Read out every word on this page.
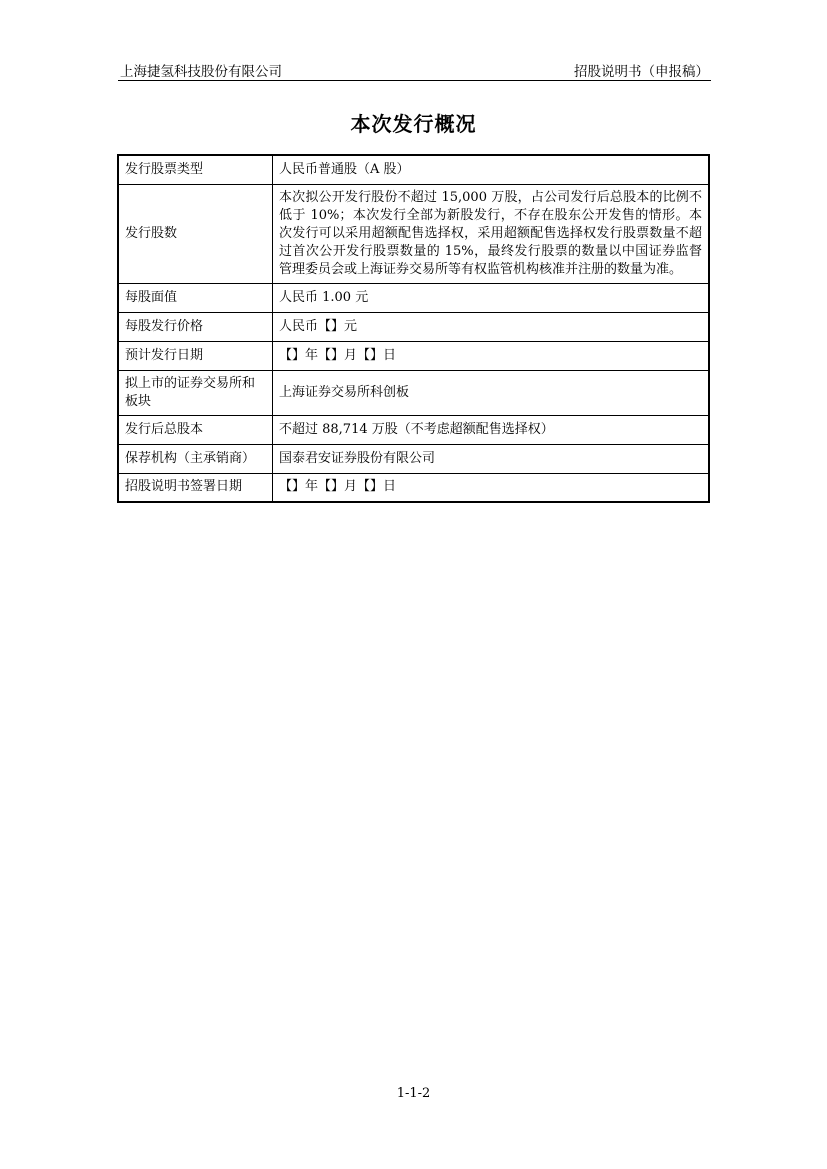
上海捷氢科技股份有限公司	招股说明书（申报稿）
本次发行概况
发行股票类型	人民币普通股（A 股）
发行股数	本次拟公开发行股份不超过 15,000 万股，占公司发行后总股本的比例不低于 10%；本次发行全部为新股发行，不存在股东公开发售的情形。本次发行可以采用超额配售选择权，采用超额配售选择权发行股票数量不超过首次公开发行股票数量的 15%，最终发行股票的数量以中国证券监督管理委员会或上海证券交易所等有权监管机构核准并注册的数量为准。
每股面值	人民币 1.00 元
每股发行价格	人民币【】元
预计发行日期	【】年【】月【】日
拟上市的证券交易所和板块	上海证券交易所科创板
发行后总股本	不超过 88,714 万股（不考虑超额配售选择权）
保荐机构（主承销商）	国泰君安证券股份有限公司
招股说明书签署日期	【】年【】月【】日
1-1-2
